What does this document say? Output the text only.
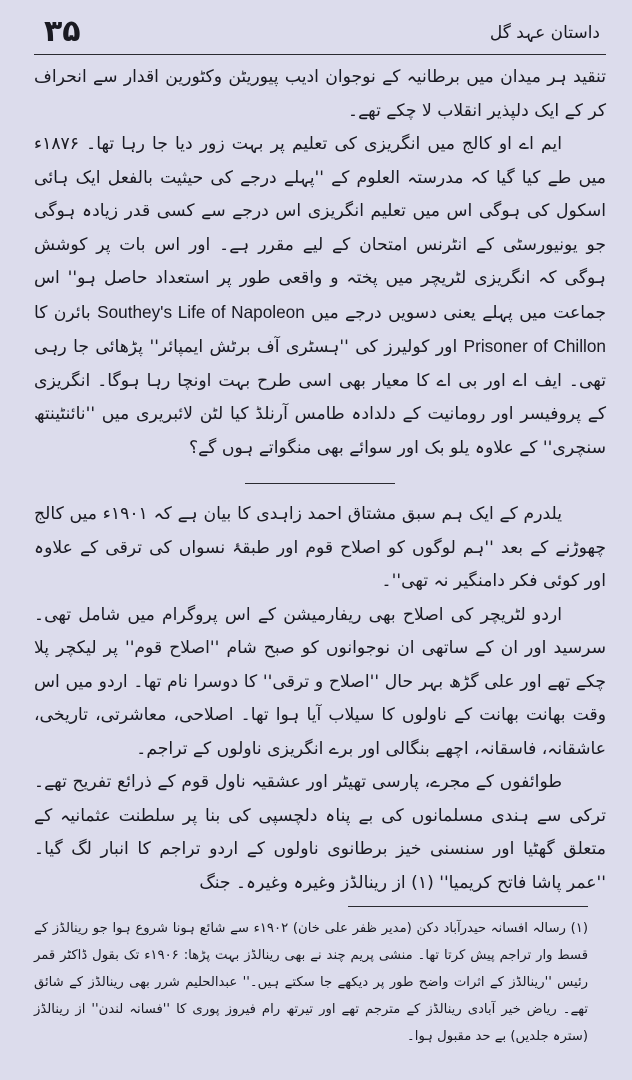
داستان عہد گل
۳۵

تنقید ہر میدان میں برطانیہ کے نوجوان ادیب پیوریٹن وکٹورین اقدار سے انحراف کر کے ایک دلپذیر انقلاب لا چکے تھے۔

ایم اے او کالج میں انگریزی کی تعلیم پر بہت زور دیا جا رہا تھا۔ ۱۸۷۶ء میں طے کیا گیا کہ مدرستہ العلوم کے ''پہلے درجے کی حیثیت بالفعل ایک ہائی اسکول کی ہوگی اس میں تعلیم انگریزی اس درجے سے کسی قدر زیادہ ہوگی جو یونیورسٹی کے انٹرنس امتحان کے لیے مقرر ہے۔ اور اس بات پر کوشش ہوگی کہ انگریزی لٹریچر میں پختہ و واقعی طور پر استعداد حاصل ہو'' اس جماعت میں پہلے یعنی دسویں درجے میں Southey's Life of Napoleon بائرن کا Prisoner of Chillon اور کولیرز کی ''ہسٹری آف برٹش ایمپائر'' پڑھائی جا رہی تھی۔ ایف اے اور بی اے کا معیار بھی اسی طرح بہت اونچا رہا ہوگا۔ انگریزی کے پروفیسر اور رومانیت کے دلدادہ طامس آرنلڈ کیا لٹن لائبریری میں ''نائنٹینتھ سنچری'' کے علاوہ یلو بک اور سوائے بھی منگواتے ہوں گے؟

یلدرم کے ایک ہم سبق مشتاق احمد زاہدی کا بیان ہے کہ ۱۹۰۱ء میں کالج چھوڑنے کے بعد ''ہم لوگوں کو اصلاح قوم اور طبقۂ نسواں کی ترقی کے علاوہ اور کوئی فکر دامنگیر نہ تھی''۔

اردو لٹریچر کی اصلاح بھی ریفارمیشن کے اس پروگرام میں شامل تھی۔ سرسید اور ان کے ساتھی ان نوجوانوں کو صبح شام ''اصلاح قوم'' پر لیکچر پلا چکے تھے اور علی گڑھ بہر حال ''اصلاح و ترقی'' کا دوسرا نام تھا۔ اردو میں اس وقت بھانت بھانت کے ناولوں کا سیلاب آیا ہوا تھا۔ اصلاحی، معاشرتی، تاریخی، عاشقانہ، فاسقانہ، اچھے بنگالی اور برے انگریزی ناولوں کے تراجم۔

طوائفوں کے مجرے، پارسی تھیٹر اور عشقیہ ناول قوم کے ذرائع تفریح تھے۔ ترکی سے ہندی مسلمانوں کی بے پناہ دلچسپی کی بنا پر سلطنت عثمانیہ کے متعلق گھٹیا اور سنسنی خیز برطانوی ناولوں کے اردو تراجم کا انبار لگ گیا۔ ''عمر پاشا فاتح کریمیا'' (۱) از رینالڈز وغیرہ وغیرہ۔ جنگ

(۱) رسالہ افسانہ حیدرآباد دکن (مدیر ظفر علی خان) ۱۹۰۲ء سے شائع ہونا شروع ہوا جو رینالڈز کے قسط وار تراجم پیش کرتا تھا۔ منشی پریم چند نے بھی رینالڈز بہت پڑھا: ۱۹۰۶ء تک بقول ڈاکٹر قمر رئیس ''رینالڈز کے اثرات واضح طور پر دیکھے جا سکتے ہیں۔'' عبدالحلیم شرر بھی رینالڈز کے شائق تھے۔ ریاض خیر آبادی رینالڈز کے مترجم تھے اور تیرتھ رام فیروز پوری کا ''فسانہ لندن'' از رینالڈز (سترہ جلدیں) بے حد مقبول ہوا۔
